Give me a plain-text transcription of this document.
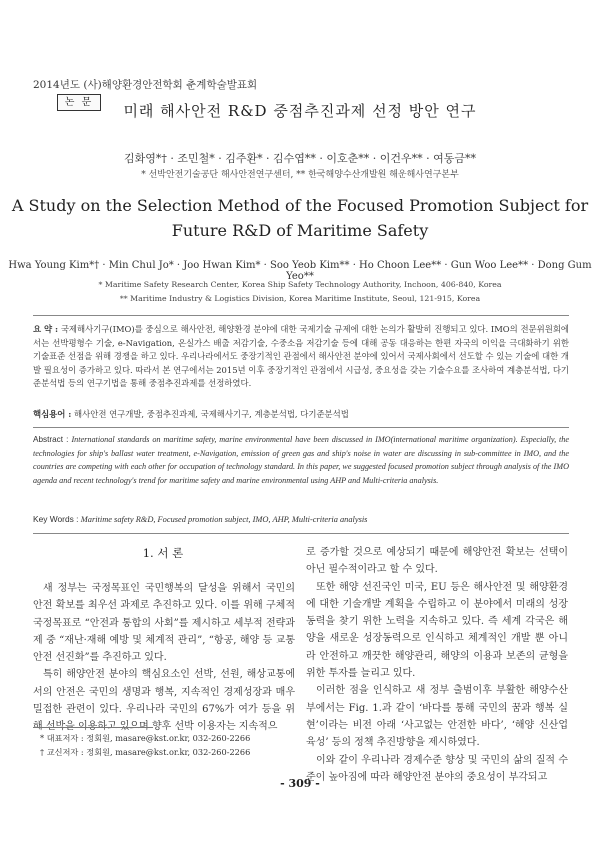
2014년도 (사)해양환경안전학회 춘계학술발표회
논 문	미래 해사안전 R&D 중점추진과제 선정 방안 연구
김화영*† · 조민철* · 김주환* · 김수엽** · 이호춘** · 이건우** · 여동금**
* 선박안전기술공단 해사안전연구센터, ** 한국해양수산개발원 해운해사연구본부
A Study on the Selection Method of the Focused Promotion Subject for
Future R&D of Maritime Safety
Hwa Young Kim*† · Min Chul Jo* · Joo Hwan Kim* · Soo Yeob Kim** · Ho Choon Lee** · Gun Woo Lee** · Dong Gum Yeo**
* Maritime Safety Research Center, Korea Ship Safety Technology Authority, Inchoon, 406-840, Korea
** Maritime Industry & Logistics Division, Korea Maritime Institute, Seoul, 121-915, Korea
요 약 : 국제해사기구(IMO)를 중심으로 해사안전, 해양환경 분야에 대한 국제기술 규제에 대한 논의가 활발히 진행되고 있다. IMO의 전문위원회에서는 선박평형수 기술, e-Navigation, 온실가스 배출 저감기술, 수중소음 저감기술 등에 대해 공동 대응하는 한편 자국의 이익을 극대화하기 위한 기술표준 선점을 위해 경쟁을 하고 있다. 우리나라에서도 중장기적인 관점에서 해사안전 분야에 있어서 국제사회에서 선도할 수 있는 기술에 대한 개발 필요성이 증가하고 있다. 따라서 본 연구에서는 2015년 이후 중장기적인 관점에서 시급성, 중요성을 갖는 기술수요를 조사하여 계층분석법, 다기준분석법 등의 연구기법을 통해 중점추진과제를 선정하였다.
핵심용어 : 해사안전 연구개발, 중점추진과제, 국제해사기구, 계층분석법, 다기준분석법
Abstract : International standards on maritime safety, marine environmental have been discussed in IMO(international maritime organization). Especially, the technologies for ship's ballast water treatment, e-Navigation, emission of green gas and ship's noise in water are discussing in sub-committee in IMO, and the countries are competing with each other for occupation of technology standard. In this paper, we suggested focused promotion subject through analysis of the IMO agenda and recent technology's trend for maritime safety and marine environmental using AHP and Multi-criteria analysis.
Key Words : Maritime safety R&D, Focused promotion subject, IMO, AHP, Multi-criteria analysis
1. 서 론

새 정부는 국정목표인 국민행복의 달성을 위해서 국민의 안전 확보를 최우선 과제로 추진하고 있다. 이를 위해 구체적 국정목표로 “안전과 통합의 사회”를 제시하고 세부적 전략과제 중 “재난·재해 예방 및 체계적 관리”, “항공, 해양 등 교통안전 선진화”를 추진하고 있다.

특히 해양안전 분야의 핵심요소인 선박, 선원, 해상교통에서의 안전은 국민의 생명과 행복, 지속적인 경제성장과 매우 밀접한 관련이 있다. 우리나라 국민의 67%가 여가 등을 위해 선박을 이용하고 있으며 향후 선박 이용자는 지속적으

로 증가할 것으로 예상되기 때문에 해양안전 확보는 선택이 아닌 필수적이라고 할 수 있다.

또한 해양 선진국인 미국, EU 등은 해사안전 및 해양환경에 대한 기술개발 계획을 수립하고 이 분야에서 미래의 성장동력을 찾기 위한 노력을 지속하고 있다. 즉 세계 각국은 해양을 새로운 성장동력으로 인식하고 체계적인 개발 뿐 아니라 안전하고 깨끗한 해양관리, 해양의 이용과 보존의 균형을 위한 투자를 늘리고 있다.

이러한 점을 인식하고 새 정부 출범이후 부활한 해양수산부에서는 Fig. 1.과 같이 ‘바다를 통해 국민의 꿈과 행복 실현’이라는 비전 아래 ‘사고없는 안전한 바다’, ‘해양 신산업 육성’ 등의 정책 추진방향을 제시하였다.

이와 같이 우리나라 경제수준 향상 및 국민의 삶의 질적 수준이 높아짐에 따라 해양안전 분야의 중요성이 부각되고

* 대표저자 : 정회원, masare@kst.or.kr, 032-260-2266
† 교신저자 : 정회원, masare@kst.or.kr, 032-260-2266
- 309 -
